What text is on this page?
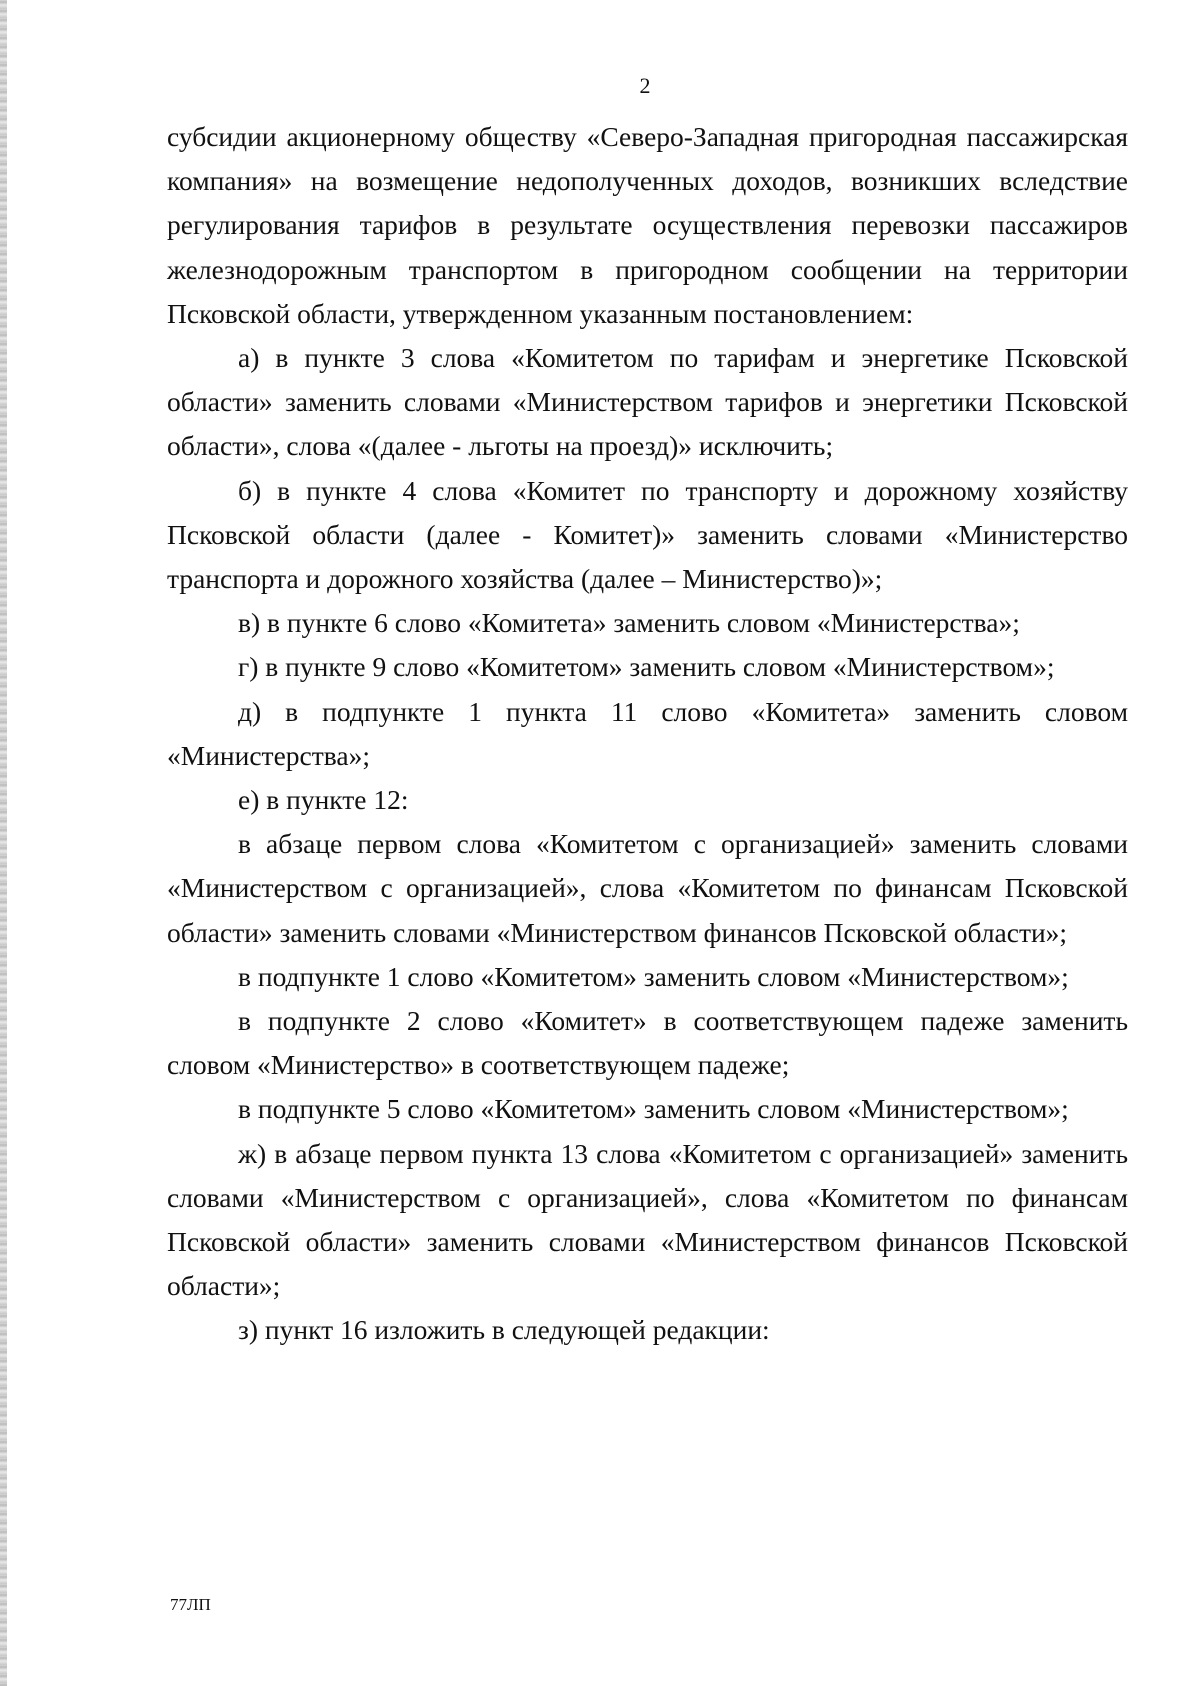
2

субсидии акционерному обществу «Северо-Западная пригородная пассажирская компания» на возмещение недополученных доходов, возникших вследствие регулирования тарифов в результате осуществления перевозки пассажиров железнодорожным транспортом в пригородном сообщении на территории Псковской области, утвержденном указанным постановлением:

а) в пункте 3 слова «Комитетом по тарифам и энергетике Псковской области» заменить словами «Министерством тарифов и энергетики Псковской области», слова «(далее - льготы на проезд)» исключить;

б) в пункте 4 слова «Комитет по транспорту и дорожному хозяйству Псковской области (далее - Комитет)» заменить словами «Министерство транспорта и дорожного хозяйства (далее – Министерство)»;

в) в пункте 6 слово «Комитета» заменить словом «Министерства»;

г) в пункте 9 слово «Комитетом» заменить словом «Министерством»;

д) в подпункте 1 пункта 11 слово «Комитета» заменить словом «Министерства»;

е) в пункте 12:

в абзаце первом слова «Комитетом с организацией» заменить словами «Министерством с организацией», слова «Комитетом по финансам Псковской области» заменить словами «Министерством финансов Псковской области»;

в подпункте 1 слово «Комитетом» заменить словом «Министерством»;

в подпункте 2 слово «Комитет» в соответствующем падеже заменить словом «Министерство» в соответствующем падеже;

в подпункте 5 слово «Комитетом» заменить словом «Министерством»;

ж) в абзаце первом пункта 13 слова «Комитетом с организацией» заменить словами «Министерством с организацией», слова «Комитетом по финансам Псковской области» заменить словами «Министерством финансов Псковской области»;

з) пункт 16 изложить в следующей редакции:

77ЛП
